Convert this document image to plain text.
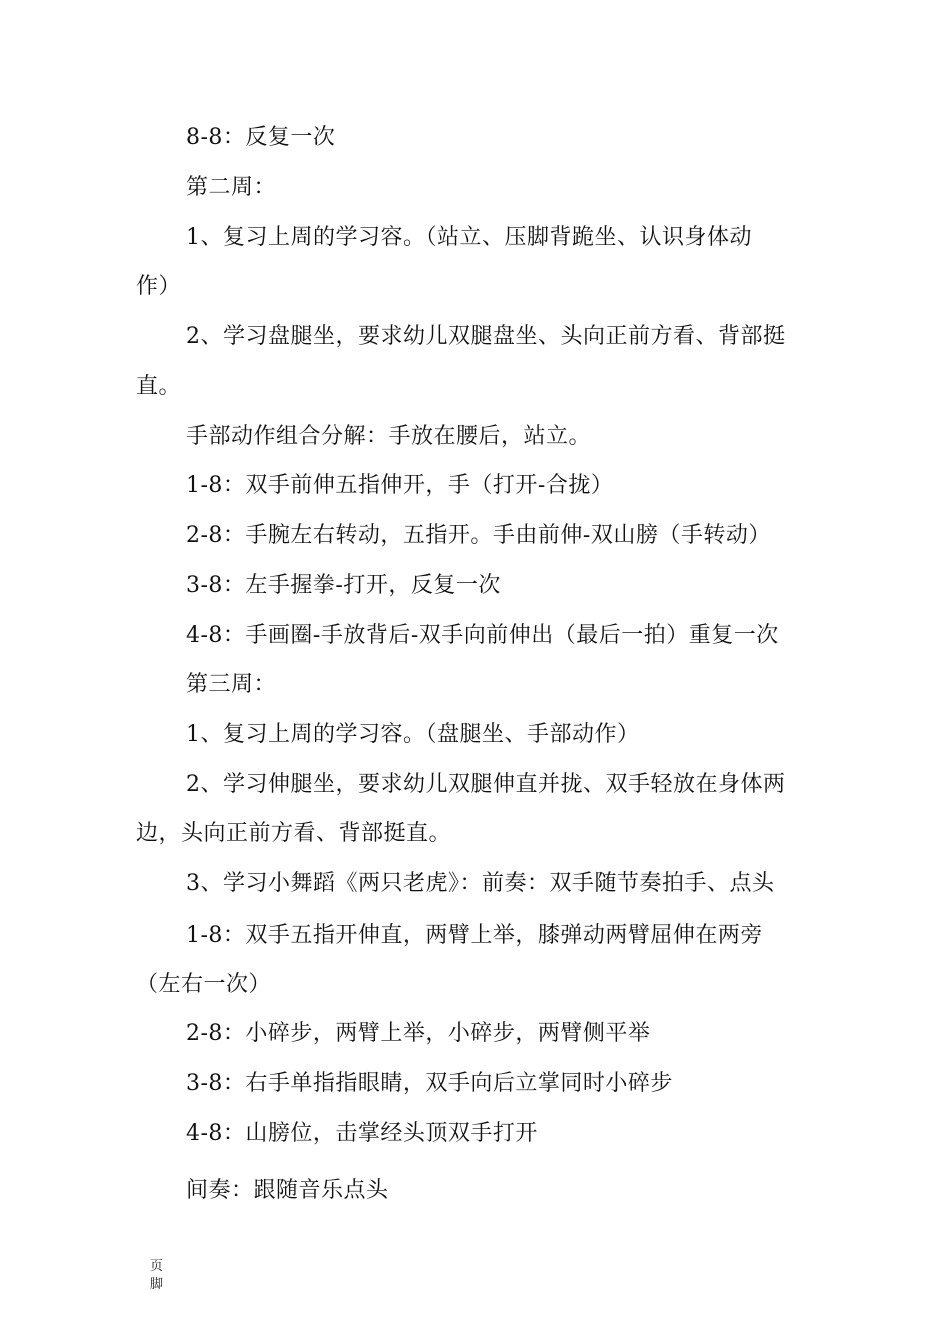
8-8：反复一次
第二周：
1、复习上周的学习容。（站立、压脚背跪坐、认识身体动
作）
2、学习盘腿坐，要求幼儿双腿盘坐、头向正前方看、背部挺
直。
手部动作组合分解：手放在腰后，站立。
1-8：双手前伸五指伸开，手（打开-合拢）
2-8：手腕左右转动，五指开。手由前伸-双山膀（手转动）
3-8：左手握拳-打开，反复一次
4-8：手画圈-手放背后-双手向前伸出（最后一拍）重复一次
第三周：
1、复习上周的学习容。（盘腿坐、手部动作）
2、学习伸腿坐，要求幼儿双腿伸直并拢、双手轻放在身体两
边，头向正前方看、背部挺直。
3、学习小舞蹈《两只老虎》：前奏：双手随节奏拍手、点头
1-8：双手五指开伸直，两臂上举，膝弹动两臂屈伸在两旁
（左右一次）
2-8：小碎步，两臂上举，小碎步，两臂侧平举
3-8：右手单指指眼睛，双手向后立掌同时小碎步
4-8：山膀位，击掌经头顶双手打开
间奏：跟随音乐点头
页
脚
